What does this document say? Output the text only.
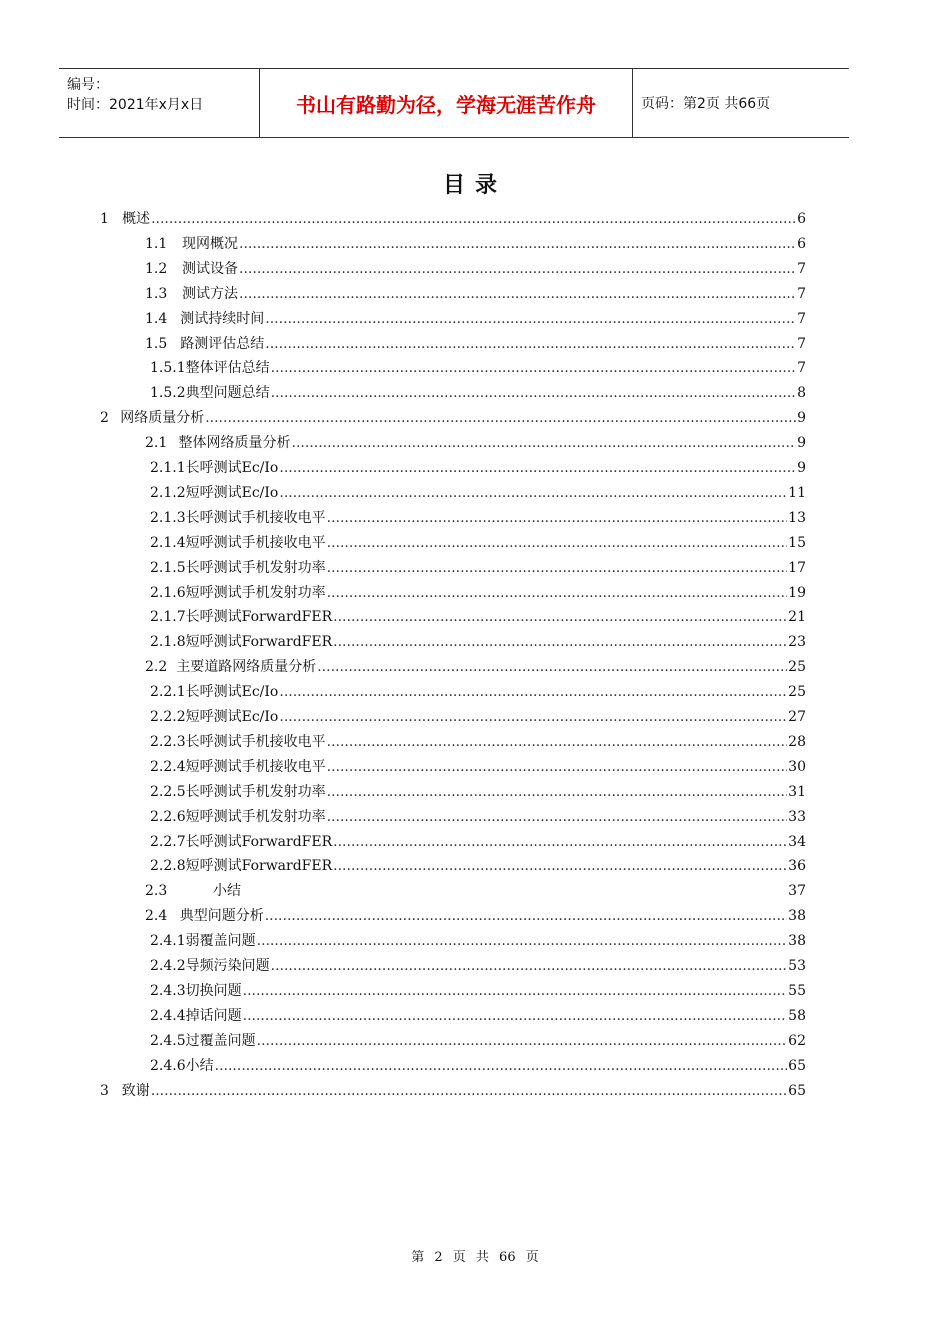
编号：
时间：2021年x月x日	书山有路勤为径，学海无涯苦作舟	页码：第2页 共66页
目录
1 概述 .....	6
1.1	现网概况 .....	6
1.2	测试设备 .....	7
1.3	测试方法 .....	7
1.4 测试持续时间 .....	7
1.5 路测评估总结 .....	7
1.5.1 整体评估总结 .....	7
1.5.2 典型问题总结 .....	8
2 网络质量分析 .....	9
2.1 整体网络质量分析 .....	9
2.1.1 长呼测试Ec/Io .....	9
2.1.2 短呼测试Ec/Io .....	11
2.1.3 长呼测试手机接收电平 .....	13
2.1.4 短呼测试手机接收电平 .....	15
2.1.5 长呼测试手机发射功率 .....	17
2.1.6 短呼测试手机发射功率 .....	19
2.1.7 长呼测试ForwardFER .....	21
2.1.8 短呼测试ForwardFER .....	23
2.2 主要道路网络质量分析 .....	25
2.2.1 长呼测试Ec/Io .....	25
2.2.2 短呼测试Ec/Io .....	27
2.2.3 长呼测试手机接收电平 .....	28
2.2.4 短呼测试手机接收电平 .....	30
2.2.5 长呼测试手机发射功率 .....	31
2.2.6 短呼测试手机发射功率 .....	33
2.2.7 长呼测试ForwardFER .....	34
2.2.8 短呼测试ForwardFER .....	36
2.3	小结	37
2.4 典型问题分析 .....	38
2.4.1 弱覆盖问题 .....	38
2.4.2 导频污染问题 .....	53
2.4.3 切换问题 .....	55
2.4.4 掉话问题 .....	58
2.4.5 过覆盖问题 .....	62
2.4.6 小结 .....	65
3 致谢 .....	65
第 2 页 共 66 页
